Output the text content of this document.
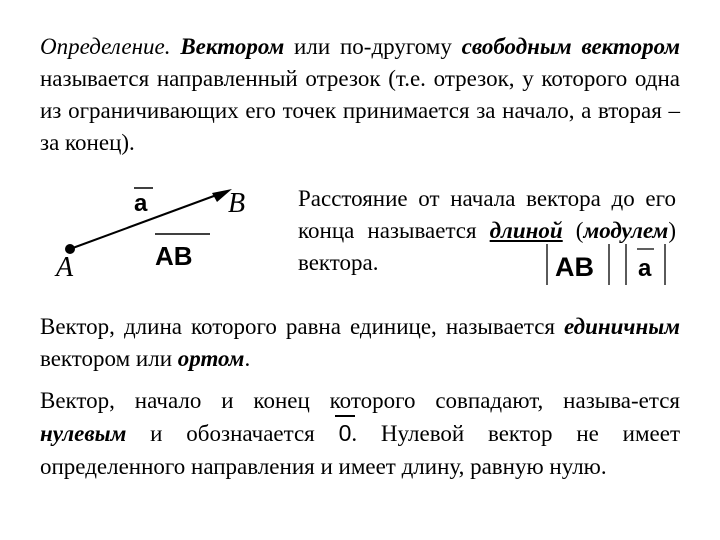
Определение. Вектором или по-другому свободным вектором называется направленный отрезок (т.е. отрезок, у которого одна из ограничивающих его точек принимается за начало, а вторая – за конец).
a	B
A	AB	AB a
Расстояние от начала вектора до его конца называется длиной (модулем) вектора.
Вектор, длина которого равна единице, называется единичным вектором или ортом.
Вектор, начало и конец которого совпадают, называ-ется нулевым и обозначается
0. Нулевой вектор не имеет определенного направления и имеет длину, равную нулю.
